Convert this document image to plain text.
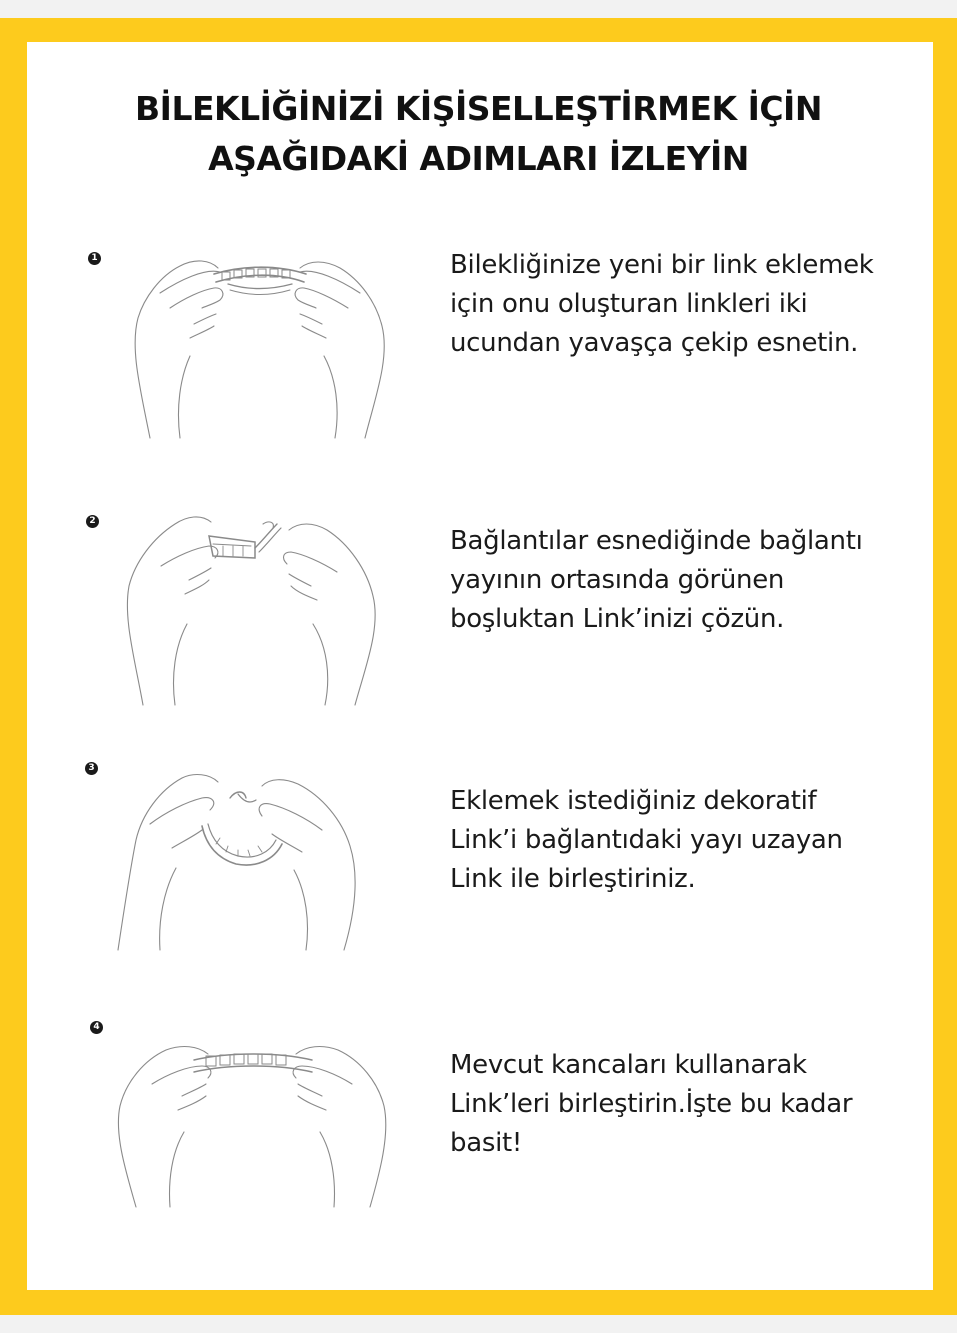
BİLEKLİĞİNİZİ KİŞİSELLEŞTİRMEK İÇİN
AŞAĞIDAKİ ADIMLARI İZLEYİN
1	Bilekliğinize yeni bir link eklemek
için onu oluşturan linkleri iki
ucundan yavaşça çekip esnetin.

2

Bağlantılar esnediğinde bağlantı
yayının ortasında görünen
boşluktan Link’inizi çözün.

3

Eklemek istediğiniz dekoratif
Link’i bağlantıdaki yayı uzayan
Link ile birleştiriniz.

4

Mevcut kancaları kullanarak
Link’leri birleştirin.İşte bu kadar
basit!
